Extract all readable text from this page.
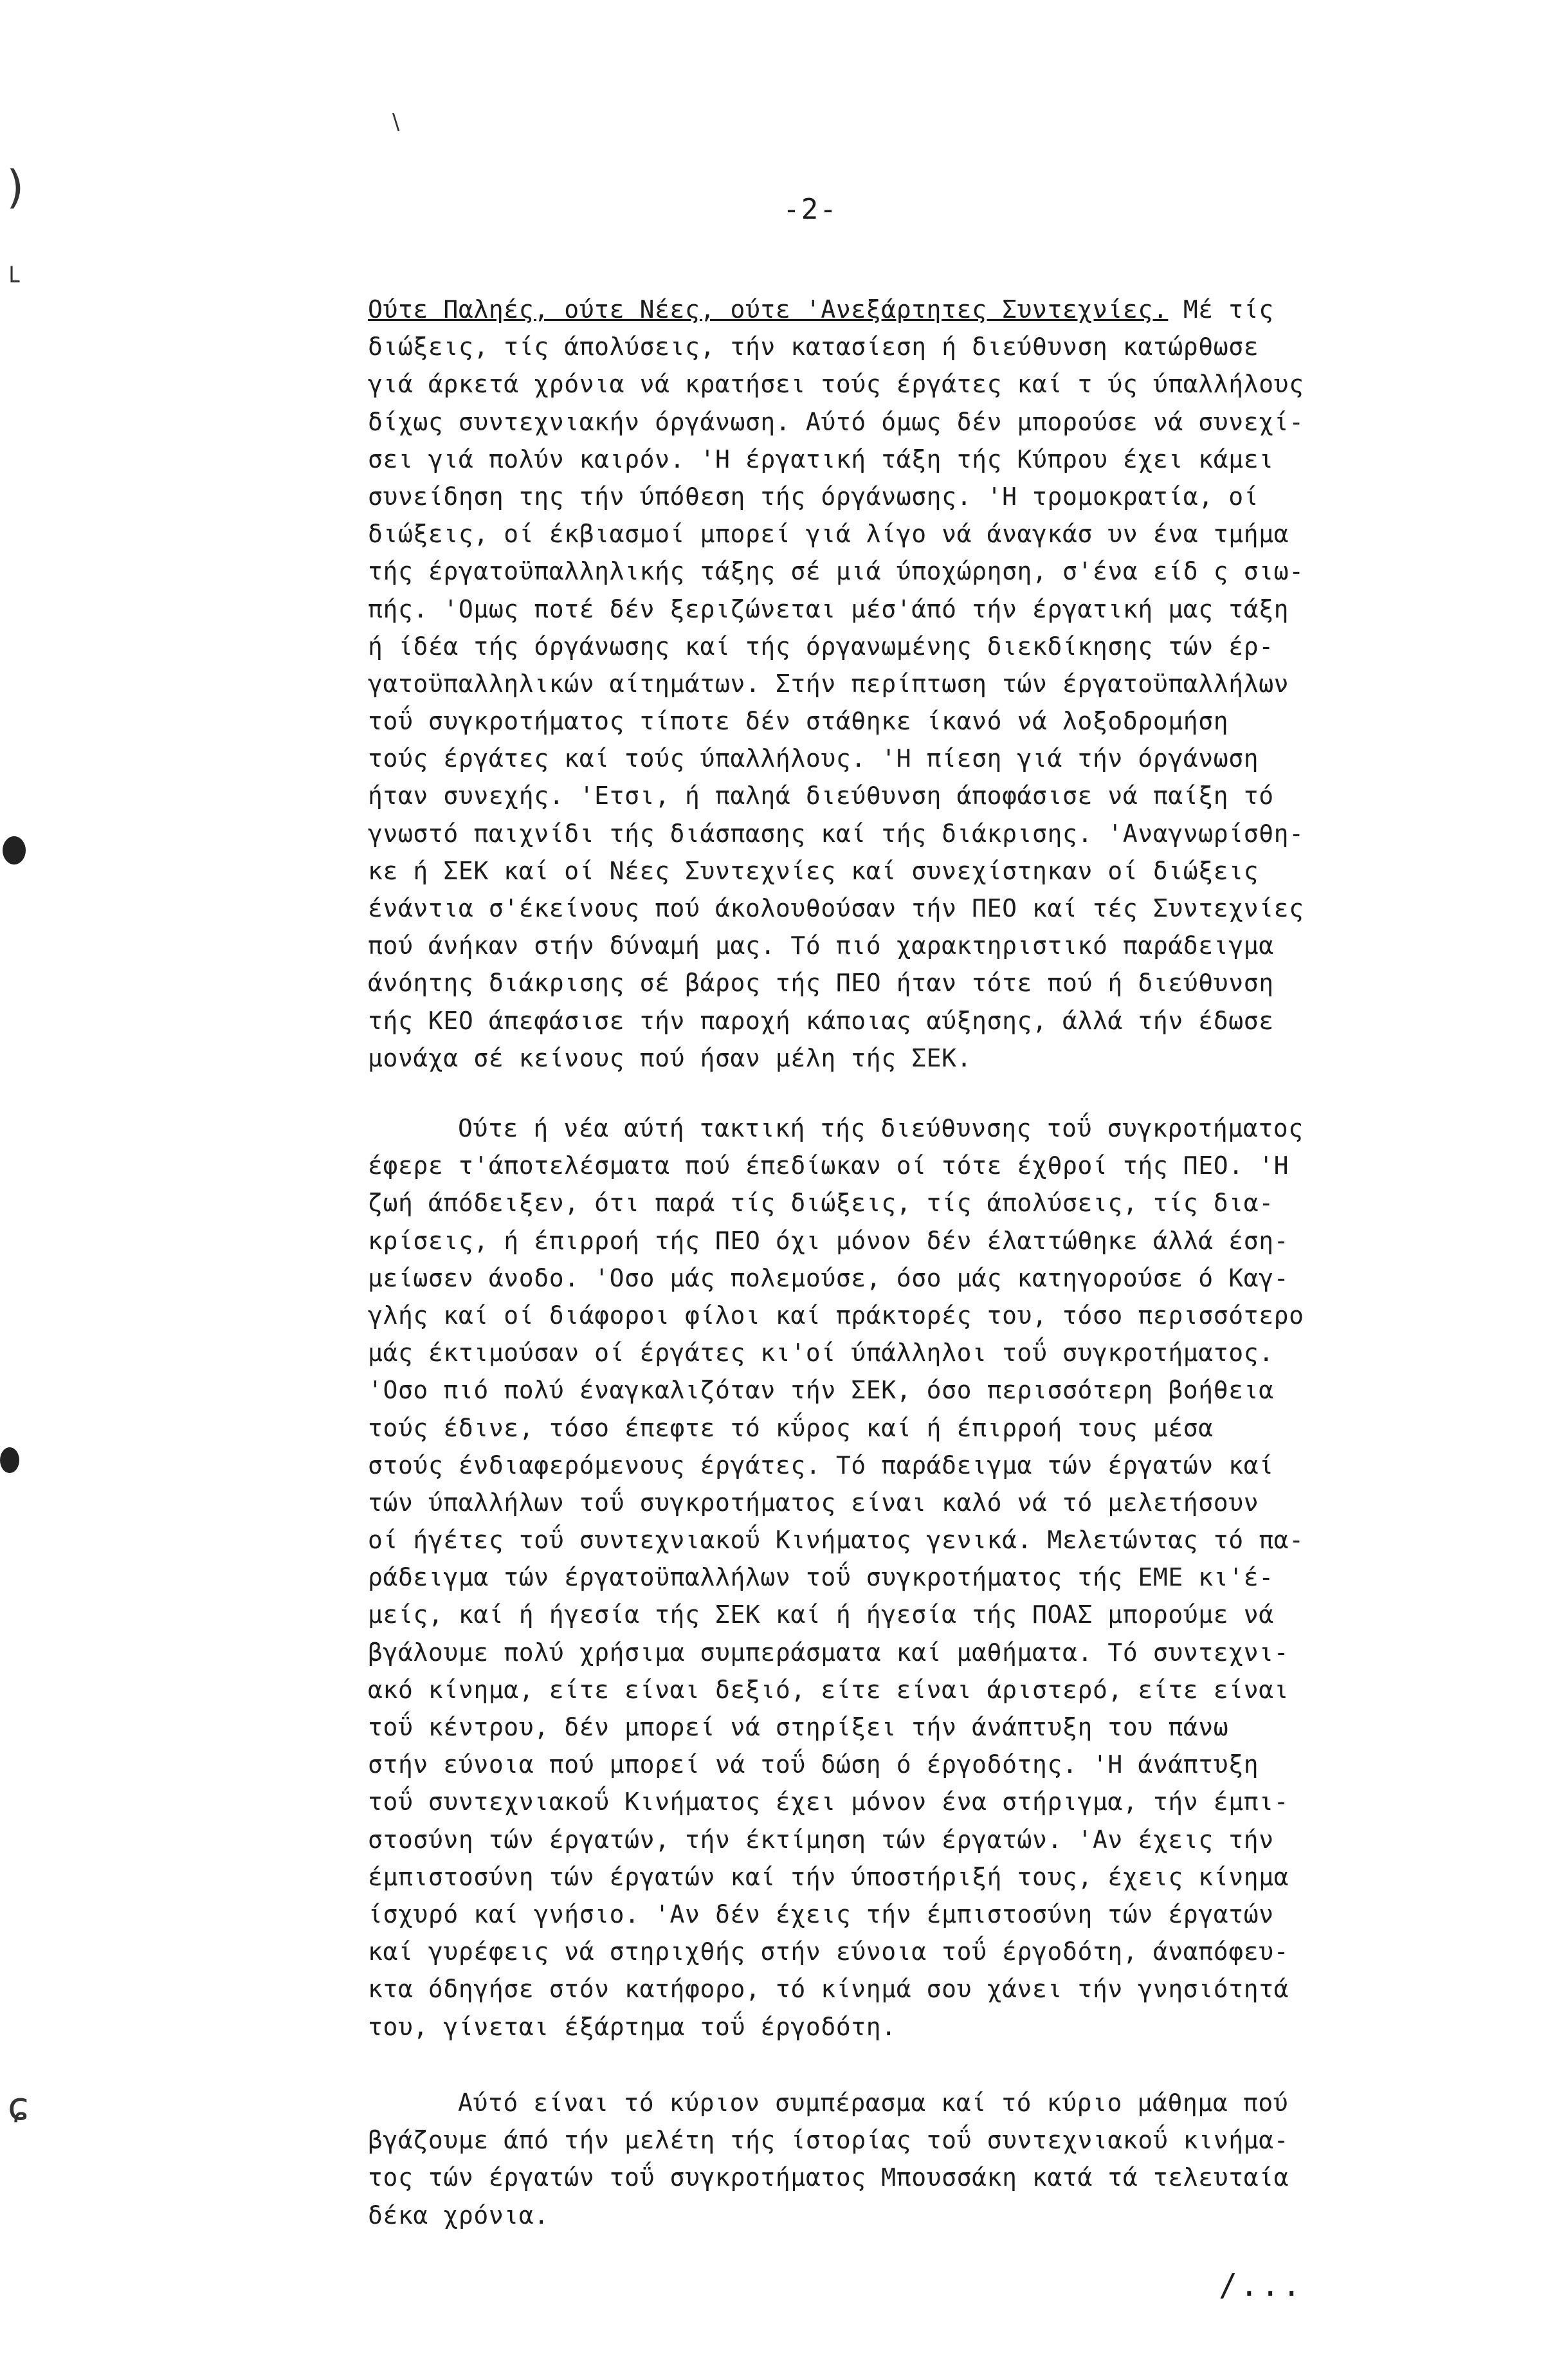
)
└
ɕ
\
-2-
Ούτε Παληές, ούτε Νέες, ούτε 'Ανεξάρτητες Συντεχνίες. Μέ τίς
διώξεις, τίς άπολύσεις, τήν κατασίεση ή διεύθυνση κατώρθωσε
γιά άρκετά χρόνια νά κρατήσει τούς έργάτες καί τ ύς ύπαλλήλους
δίχως συντεχνιακήν όργάνωση. Αύτό όμως δέν μπορούσε νά συνεχί-
σει γιά πολύν καιρόν. 'Η έργατική τάξη τής Κύπρου έχει κάμει
συνείδηση της τήν ύπόθεση τής όργάνωσης. 'Η τρομοκρατία, οί
διώξεις, οί έκβιασμοί μπορεί γιά λίγο νά άναγκάσ υν ένα τμήμα
τής έργατοϋπαλληλικής τάξης σέ μιά ύποχώρηση, σ'ένα είδ ς σιω-
πής. 'Ομως ποτέ δέν ξεριζώνεται μέσ'άπό τήν έργατική μας τάξη
ή ίδέα τής όργάνωσης καί τής όργανωμένης διεκδίκησης τών έρ-
γατοϋπαλληλικών αίτημάτων. Στήν περίπτωση τών έργατοϋπαλλήλων
τοΰ συγκροτήματος τίποτε δέν στάθηκε ίκανό νά λοξοδρομήση
τούς έργάτες καί τούς ύπαλλήλους. 'Η πίεση γιά τήν όργάνωση
ήταν συνεχής. 'Ετσι, ή παληά διεύθυνση άποφάσισε νά παίξη τό
γνωστό παιχνίδι τής διάσπασης καί τής διάκρισης. 'Αναγνωρίσθη-
κε ή ΣΕΚ καί οί Νέες Συντεχνίες καί συνεχίστηκαν οί διώξεις
ένάντια σ'έκείνους πού άκολουθούσαν τήν ΠΕΟ καί τές Συντεχνίες
πού άνήκαν στήν δύναμή μας. Τό πιό χαρακτηριστικό παράδειγμα
άνόητης διάκρισης σέ βάρος τής ΠΕΟ ήταν τότε πού ή διεύθυνση
τής ΚΕΟ άπεφάσισε τήν παροχή κάποιας αύξησης, άλλά τήν έδωσε
μονάχα σέ κείνους πού ήσαν μέλη τής ΣΕΚ.
Ούτε ή νέα αύτή τακτική τής διεύθυνσης τοΰ συγκροτήματος
έφερε τ'άποτελέσματα πού έπεδίωκαν οί τότε έχθροί τής ΠΕΟ. 'Η
ζωή άπόδειξεν, ότι παρά τίς διώξεις, τίς άπολύσεις, τίς δια-
κρίσεις, ή έπιρροή τής ΠΕΟ όχι μόνον δέν έλαττώθηκε άλλά έση-
μείωσεν άνοδο. 'Οσο μάς πολεμούσε, όσο μάς κατηγορούσε ό Καγ-
γλής καί οί διάφοροι φίλοι καί πράκτορές του, τόσο περισσότερο
μάς έκτιμούσαν οί έργάτες κι'οί ύπάλληλοι τοΰ συγκροτήματος.
'Οσο πιό πολύ έναγκαλιζόταν τήν ΣΕΚ, όσο περισσότερη βοήθεια
τούς έδινε, τόσο έπεφτε τό κΰρος καί ή έπιρροή τους μέσα
στούς ένδιαφερόμενους έργάτες. Τό παράδειγμα τών έργατών καί
τών ύπαλλήλων τοΰ συγκροτήματος είναι καλό νά τό μελετήσουν
οί ήγέτες τοΰ συντεχνιακοΰ Κινήματος γενικά. Μελετώντας τό πα-
ράδειγμα τών έργατοϋπαλλήλων τοΰ συγκροτήματος τής ΕΜΕ κι'έ-
μείς, καί ή ήγεσία τής ΣΕΚ καί ή ήγεσία τής ΠΟΑΣ μπορούμε νά
βγάλουμε πολύ χρήσιμα συμπεράσματα καί μαθήματα. Τό συντεχνι-
ακό κίνημα, είτε είναι δεξιό, είτε είναι άριστερό, είτε είναι
τοΰ κέντρου, δέν μπορεί νά στηρίξει τήν άνάπτυξη του πάνω
στήν εύνοια πού μπορεί νά τοΰ δώση ό έργοδότης. 'Η άνάπτυξη
τοΰ συντεχνιακοΰ Κινήματος έχει μόνον ένα στήριγμα, τήν έμπι-
στοσύνη τών έργατών, τήν έκτίμηση τών έργατών. 'Αν έχεις τήν
έμπιστοσύνη τών έργατών καί τήν ύποστήριξή τους, έχεις κίνημα
ίσχυρό καί γνήσιο. 'Αν δέν έχεις τήν έμπιστοσύνη τών έργατών
καί γυρέφεις νά στηριχθής στήν εύνοια τοΰ έργοδότη, άναπόφευ-
κτα όδηγήσε στόν κατήφορο, τό κίνημά σου χάνει τήν γνησιότητά
του, γίνεται έξάρτημα τοΰ έργοδότη.
Αύτό είναι τό κύριον συμπέρασμα καί τό κύριο μάθημα πού
βγάζουμε άπό τήν μελέτη τής ίστορίας τοΰ συντεχνιακοΰ κινήμα-
τος τών έργατών τοΰ συγκροτήματος Μπουσσάκη κατά τά τελευταία
δέκα χρόνια.
/...
